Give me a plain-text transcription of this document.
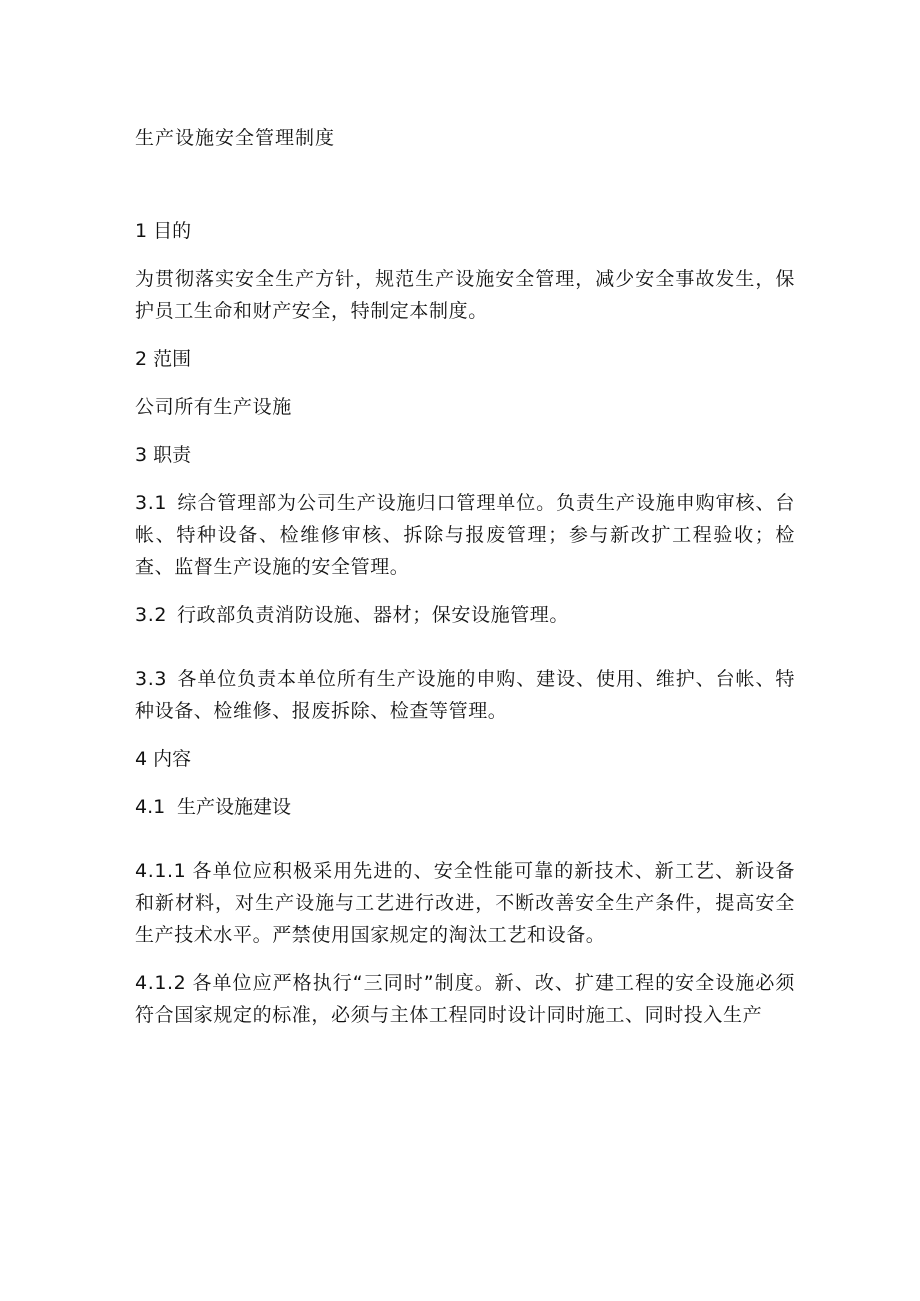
生产设施安全管理制度
1 目的
为贯彻落实安全生产方针，规范生产设施安全管理，减少安全事故发生，保护员工生命和财产安全，特制定本制度。
2 范围
公司所有生产设施
3 职责
3.1 综合管理部为公司生产设施归口管理单位。负责生产设施申购审核、台帐、特种设备、检维修审核、拆除与报废管理；参与新改扩工程验收；检查、监督生产设施的安全管理。
3.2 行政部负责消防设施、器材；保安设施管理。
3.3 各单位负责本单位所有生产设施的申购、建设、使用、维护、台帐、特种设备、检维修、报废拆除、检查等管理。
4 内容
4.1 生产设施建设
4.1.1 各单位应积极采用先进的、安全性能可靠的新技术、新工艺、新设备和新材料，对生产设施与工艺进行改进，不断改善安全生产条件，提高安全生产技术水平。严禁使用国家规定的淘汰工艺和设备。
4.1.2 各单位应严格执行“三同时”制度。新、改、扩建工程的安全设施必须符合国家规定的标准，必须与主体工程同时设计同时施工、同时投入生产
